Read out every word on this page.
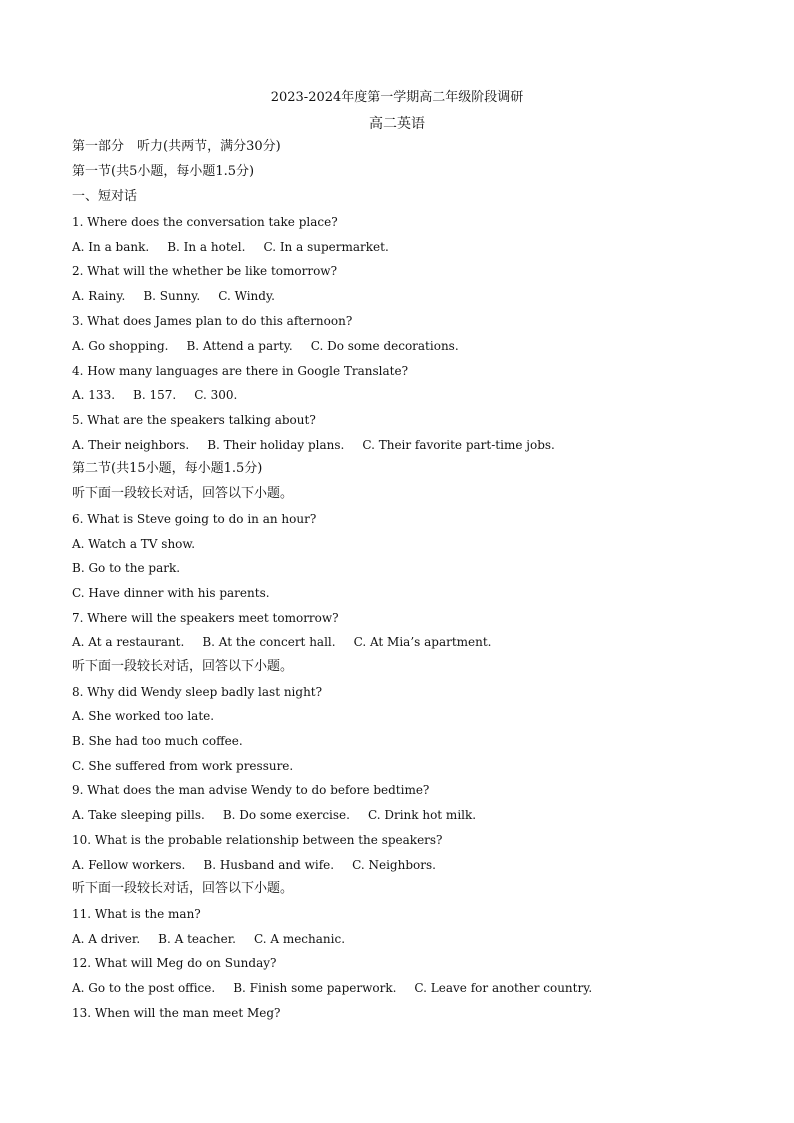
2023-2024年度第一学期高二年级阶段调研
高二英语
第一部分　听力(共两节，满分30分)
第一节(共5小题，每小题1.5分)
一、短对话
1. Where does the conversation take place?
A. In a bank. B. In a hotel. C. In a supermarket.
2. What will the whether be like tomorrow?
A. Rainy. B. Sunny. C. Windy.
3. What does James plan to do this afternoon?
A. Go shopping. B. Attend a party. C. Do some decorations.
4. How many languages are there in Google Translate?
A. 133. B. 157. C. 300.
5. What are the speakers talking about?
A. Their neighbors. B. Their holiday plans. C. Their favorite part-time jobs.
第二节(共15小题，每小题1.5分)
听下面一段较长对话，回答以下小题。
6. What is Steve going to do in an hour?
A. Watch a TV show.
B. Go to the park.
C. Have dinner with his parents.
7. Where will the speakers meet tomorrow?
A. At a restaurant. B. At the concert hall. C. At Mia’s apartment.
听下面一段较长对话，回答以下小题。
8. Why did Wendy sleep badly last night?
A. She worked too late.
B. She had too much coffee.
C. She suffered from work pressure.
9. What does the man advise Wendy to do before bedtime?
A. Take sleeping pills. B. Do some exercise. C. Drink hot milk.
10. What is the probable relationship between the speakers?
A. Fellow workers. B. Husband and wife. C. Neighbors.
听下面一段较长对话，回答以下小题。
11. What is the man?
A. A driver. B. A teacher. C. A mechanic.
12. What will Meg do on Sunday?
A. Go to the post office. B. Finish some paperwork. C. Leave for another country.
13. When will the man meet Meg?
